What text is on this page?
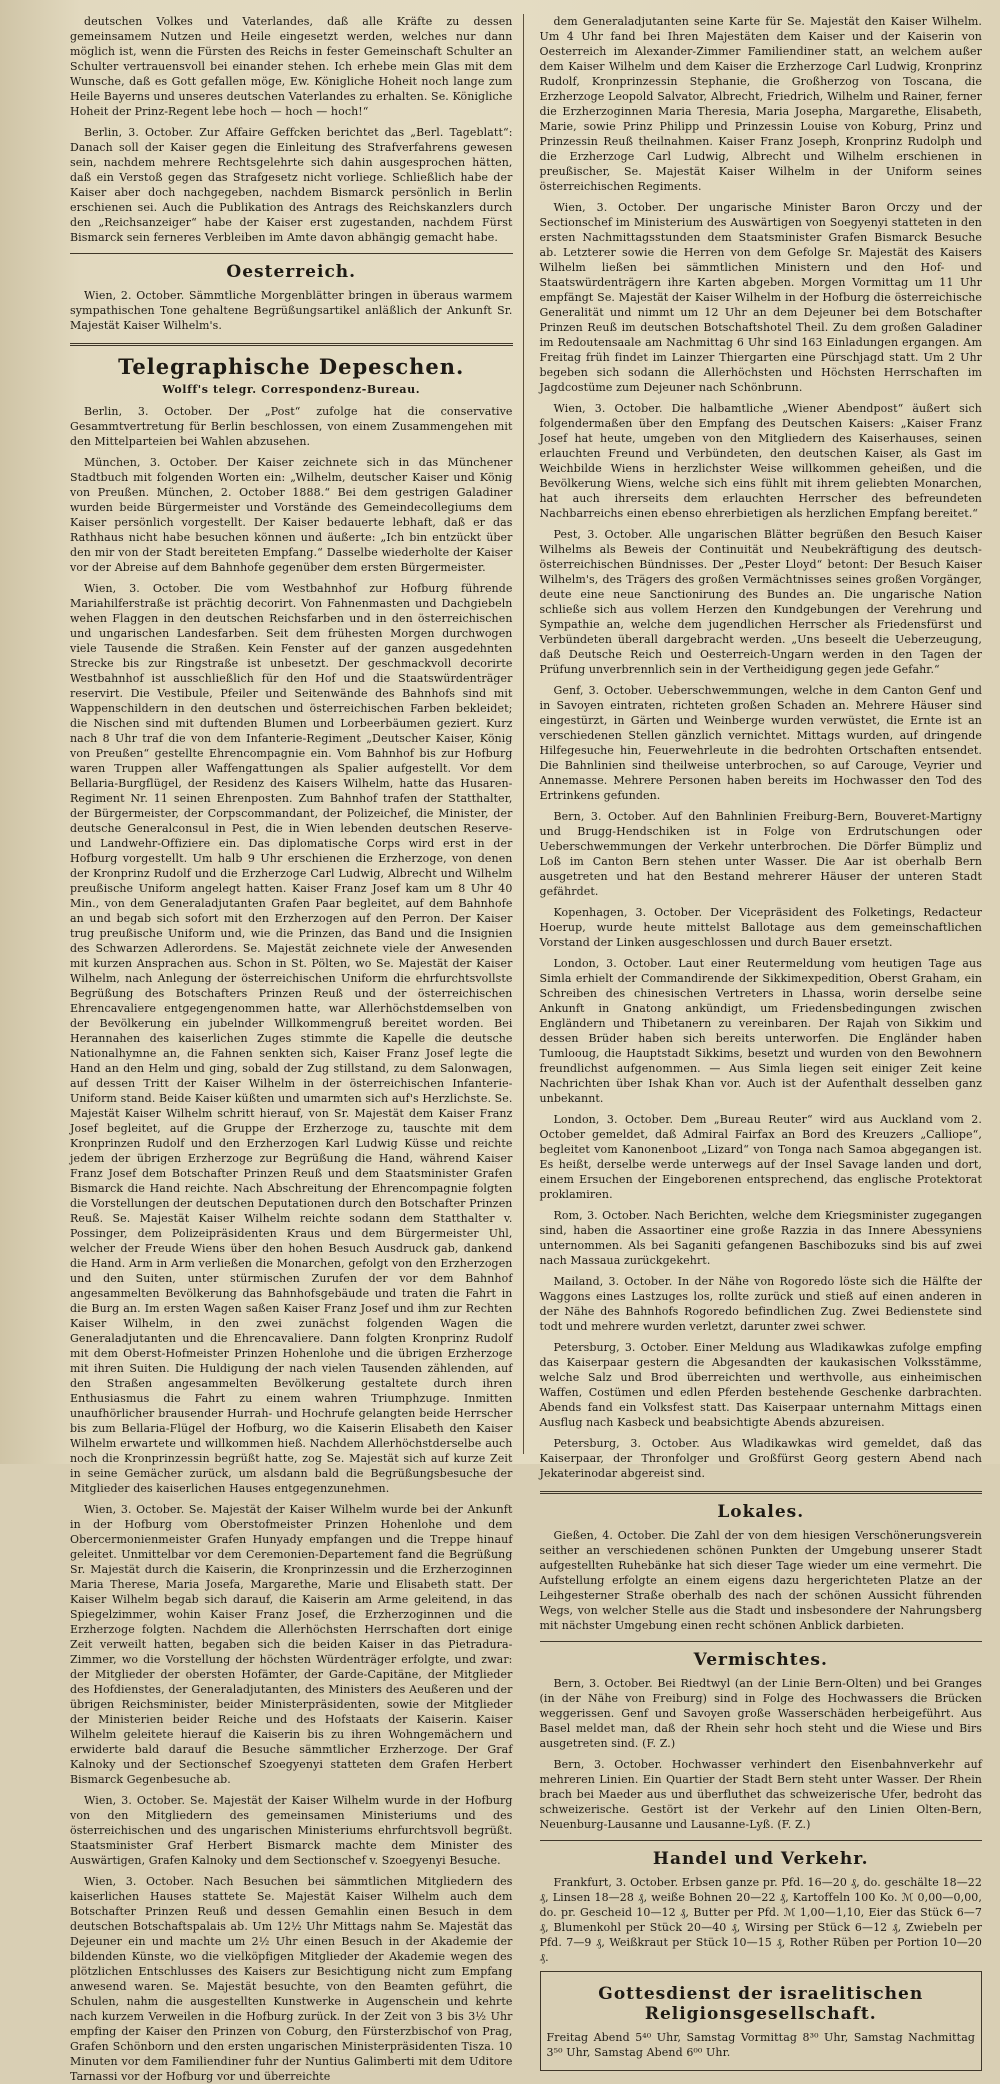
deutschen Volkes und Vaterlandes, daß alle Kräfte zu dessen gemeinsamem Nutzen und Heile eingesetzt werden, welches nur dann möglich ist, wenn die Fürsten des Reichs in fester Gemeinschaft Schulter an Schulter vertrauensvoll bei einander stehen. Ich erhebe mein Glas mit dem Wunsche, daß es Gott gefallen möge, Ew. Königliche Hoheit noch lange zum Heile Bayerns und unseres deutschen Vaterlandes zu erhalten. Se. Königliche Hoheit der Prinz-Regent lebe hoch — hoch — hoch!“

Berlin, 3. October. Zur Affaire Geffcken berichtet das „Berl. Tageblatt“: Danach soll der Kaiser gegen die Einleitung des Strafverfahrens gewesen sein, nachdem mehrere Rechtsgelehrte sich dahin ausgesprochen hätten, daß ein Verstoß gegen das Strafgesetz nicht vorliege. Schließlich habe der Kaiser aber doch nachgegeben, nachdem Bismarck persönlich in Berlin erschienen sei. Auch die Publikation des Antrags des Reichskanzlers durch den „Reichsanzeiger“ habe der Kaiser erst zugestanden, nachdem Fürst Bismarck sein ferneres Verbleiben im Amte davon abhängig gemacht habe.

Oesterreich.

Wien, 2. October. Sämmtliche Morgenblätter bringen in überaus warmem sympathischen Tone gehaltene Begrüßungsartikel anläßlich der Ankunft Sr. Majestät Kaiser Wilhelm's.

Telegraphische Depeschen.
Wolff's telegr. Correspondenz-Bureau.

Berlin, 3. October. Der „Post“ zufolge hat die conservative Gesammtvertretung für Berlin beschlossen, von einem Zusammengehen mit den Mittelparteien bei Wahlen abzusehen.

München, 3. October. Der Kaiser zeichnete sich in das Münchener Stadtbuch mit folgenden Worten ein: „Wilhelm, deutscher Kaiser und König von Preußen. München, 2. October 1888.“ Bei dem gestrigen Galadiner wurden beide Bürgermeister und Vorstände des Gemeindecollegiums dem Kaiser persönlich vorgestellt. Der Kaiser bedauerte lebhaft, daß er das Rathhaus nicht habe besuchen können und äußerte: „Ich bin entzückt über den mir von der Stadt bereiteten Empfang.“ Dasselbe wiederholte der Kaiser vor der Abreise auf dem Bahnhofe gegenüber dem ersten Bürgermeister.

Wien, 3. October. Die vom Westbahnhof zur Hofburg führende Mariahilferstraße ist prächtig decorirt. Von Fahnenmasten und Dachgiebeln wehen Flaggen in den deutschen Reichsfarben und in den österreichischen und ungarischen Landesfarben. Seit dem frühesten Morgen durchwogen viele Tausende die Straßen. Kein Fenster auf der ganzen ausgedehnten Strecke bis zur Ringstraße ist unbesetzt. Der geschmackvoll decorirte Westbahnhof ist ausschließlich für den Hof und die Staatswürdenträger reservirt. Die Vestibule, Pfeiler und Seitenwände des Bahnhofs sind mit Wappenschildern in den deutschen und österreichischen Farben bekleidet; die Nischen sind mit duftenden Blumen und Lorbeerbäumen geziert. Kurz nach 8 Uhr traf die von dem Infanterie-Regiment „Deutscher Kaiser, König von Preußen“ gestellte Ehrencompagnie ein. Vom Bahnhof bis zur Hofburg waren Truppen aller Waffengattungen als Spalier aufgestellt. Vor dem Bellaria-Burgflügel, der Residenz des Kaisers Wilhelm, hatte das Husaren-Regiment Nr. 11 seinen Ehrenposten. Zum Bahnhof trafen der Statthalter, der Bürgermeister, der Corpscommandant, der Polizeichef, die Minister, der deutsche Generalconsul in Pest, die in Wien lebenden deutschen Reserve- und Landwehr-Offiziere ein. Das diplomatische Corps wird erst in der Hofburg vorgestellt. Um halb 9 Uhr erschienen die Erzherzoge, von denen der Kronprinz Rudolf und die Erzherzoge Carl Ludwig, Albrecht und Wilhelm preußische Uniform angelegt hatten. Kaiser Franz Josef kam um 8 Uhr 40 Min., von dem Generaladjutanten Grafen Paar begleitet, auf dem Bahnhofe an und begab sich sofort mit den Erzherzogen auf den Perron. Der Kaiser trug preußische Uniform und, wie die Prinzen, das Band und die Insignien des Schwarzen Adlerordens. Se. Majestät zeichnete viele der Anwesenden mit kurzen Ansprachen aus. Schon in St. Pölten, wo Se. Majestät der Kaiser Wilhelm, nach Anlegung der österreichischen Uniform die ehrfurchtsvollste Begrüßung des Botschafters Prinzen Reuß und der österreichischen Ehrencavaliere entgegengenommen hatte, war Allerhöchstdemselben von der Bevölkerung ein jubelnder Willkommengruß bereitet worden. Bei Herannahen des kaiserlichen Zuges stimmte die Kapelle die deutsche Nationalhymne an, die Fahnen senkten sich, Kaiser Franz Josef legte die Hand an den Helm und ging, sobald der Zug stillstand, zu dem Salonwagen, auf dessen Tritt der Kaiser Wilhelm in der österreichischen Infanterie-Uniform stand. Beide Kaiser küßten und umarmten sich auf's Herzlichste. Se. Majestät Kaiser Wilhelm schritt hierauf, von Sr. Majestät dem Kaiser Franz Josef begleitet, auf die Gruppe der Erzherzoge zu, tauschte mit dem Kronprinzen Rudolf und den Erzherzogen Karl Ludwig Küsse und reichte jedem der übrigen Erzherzoge zur Begrüßung die Hand, während Kaiser Franz Josef dem Botschafter Prinzen Reuß und dem Staatsminister Grafen Bismarck die Hand reichte. Nach Abschreitung der Ehrencompagnie folgten die Vorstellungen der deutschen Deputationen durch den Botschafter Prinzen Reuß. Se. Majestät Kaiser Wilhelm reichte sodann dem Statthalter v. Possinger, dem Polizeipräsidenten Kraus und dem Bürgermeister Uhl, welcher der Freude Wiens über den hohen Besuch Ausdruck gab, dankend die Hand. Arm in Arm verließen die Monarchen, gefolgt von den Erzherzogen und den Suiten, unter stürmischen Zurufen der vor dem Bahnhof angesammelten Bevölkerung das Bahnhofsgebäude und traten die Fahrt in die Burg an. Im ersten Wagen saßen Kaiser Franz Josef und ihm zur Rechten Kaiser Wilhelm, in den zwei zunächst folgenden Wagen die Generaladjutanten und die Ehrencavaliere. Dann folgten Kronprinz Rudolf mit dem Oberst-Hofmeister Prinzen Hohenlohe und die übrigen Erzherzoge mit ihren Suiten. Die Huldigung der nach vielen Tausenden zählenden, auf den Straßen angesammelten Bevölkerung gestaltete durch ihren Enthusiasmus die Fahrt zu einem wahren Triumphzuge. Inmitten unaufhörlicher brausender Hurrah- und Hochrufe gelangten beide Herrscher bis zum Bellaria-Flügel der Hofburg, wo die Kaiserin Elisabeth den Kaiser Wilhelm erwartete und willkommen hieß. Nachdem Allerhöchstderselbe auch noch die Kronprinzessin begrüßt hatte, zog Se. Majestät sich auf kurze Zeit in seine Gemächer zurück, um alsdann bald die Begrüßungsbesuche der Mitglieder des kaiserlichen Hauses entgegenzunehmen.

Wien, 3. October. Se. Majestät der Kaiser Wilhelm wurde bei der Ankunft in der Hofburg vom Oberstofmeister Prinzen Hohenlohe und dem Obercermonienmeister Grafen Hunyady empfangen und die Treppe hinauf geleitet. Unmittelbar vor dem Ceremonien-Departement fand die Begrüßung Sr. Majestät durch die Kaiserin, die Kronprinzessin und die Erzherzoginnen Maria Therese, Maria Josefa, Margarethe, Marie und Elisabeth statt. Der Kaiser Wilhelm begab sich darauf, die Kaiserin am Arme geleitend, in das Spiegelzimmer, wohin Kaiser Franz Josef, die Erzherzoginnen und die Erzherzoge folgten. Nachdem die Allerhöchsten Herrschaften dort einige Zeit verweilt hatten, begaben sich die beiden Kaiser in das Pietradura-Zimmer, wo die Vorstellung der höchsten Würdenträger erfolgte, und zwar: der Mitglieder der obersten Hofämter, der Garde-Capitäne, der Mitglieder des Hofdienstes, der Generaladjutanten, des Ministers des Aeußeren und der übrigen Reichsminister, beider Ministerpräsidenten, sowie der Mitglieder der Ministerien beider Reiche und des Hofstaats der Kaiserin. Kaiser Wilhelm geleitete hierauf die Kaiserin bis zu ihren Wohngemächern und erwiderte bald darauf die Besuche sämmtlicher Erzherzoge. Der Graf Kalnoky und der Sectionschef Szoegyenyi statteten dem Grafen Herbert Bismarck Gegenbesuche ab.

Wien, 3. October. Se. Majestät der Kaiser Wilhelm wurde in der Hofburg von den Mitgliedern des gemeinsamen Ministeriums und des österreichischen und des ungarischen Ministeriums ehrfurchtsvoll begrüßt. Staatsminister Graf Herbert Bismarck machte dem Minister des Auswärtigen, Grafen Kalnoky und dem Sectionschef v. Szoegyenyi Besuche.

Wien, 3. October. Nach Besuchen bei sämmtlichen Mitgliedern des kaiserlichen Hauses stattete Se. Majestät Kaiser Wilhelm auch dem Botschafter Prinzen Reuß und dessen Gemahlin einen Besuch in dem deutschen Botschaftspalais ab. Um 12½ Uhr Mittags nahm Se. Majestät das Dejeuner ein und machte um 2½ Uhr einen Besuch in der Akademie der bildenden Künste, wo die vielköpfigen Mitglieder der Akademie wegen des plötzlichen Entschlusses des Kaisers zur Besichtigung nicht zum Empfang anwesend waren. Se. Majestät besuchte, von den Beamten geführt, die Schulen, nahm die ausgestellten Kunstwerke in Augenschein und kehrte nach kurzem Verweilen in die Hofburg zurück. In der Zeit von 3 bis 3½ Uhr empfing der Kaiser den Prinzen von Coburg, den Fürsterzbischof von Prag, Grafen Schönborn und den ersten ungarischen Ministerpräsidenten Tisza. 10 Minuten vor dem Familiendiner fuhr der Nuntius Galimberti mit dem Uditore Tarnassi vor der Hofburg vor und überreichte

dem Generaladjutanten seine Karte für Se. Majestät den Kaiser Wilhelm. Um 4 Uhr fand bei Ihren Majestäten dem Kaiser und der Kaiserin von Oesterreich im Alexander-Zimmer Familiendiner statt, an welchem außer dem Kaiser Wilhelm und dem Kaiser die Erzherzoge Carl Ludwig, Kronprinz Rudolf, Kronprinzessin Stephanie, die Großherzog von Toscana, die Erzherzoge Leopold Salvator, Albrecht, Friedrich, Wilhelm und Rainer, ferner die Erzherzoginnen Maria Theresia, Maria Josepha, Margarethe, Elisabeth, Marie, sowie Prinz Philipp und Prinzessin Louise von Koburg, Prinz und Prinzessin Reuß theilnahmen. Kaiser Franz Joseph, Kronprinz Rudolph und die Erzherzoge Carl Ludwig, Albrecht und Wilhelm erschienen in preußischer, Se. Majestät Kaiser Wilhelm in der Uniform seines österreichischen Regiments.

Wien, 3. October. Der ungarische Minister Baron Orczy und der Sectionschef im Ministerium des Auswärtigen von Soegyenyi statteten in den ersten Nachmittagsstunden dem Staatsminister Grafen Bismarck Besuche ab. Letzterer sowie die Herren von dem Gefolge Sr. Majestät des Kaisers Wilhelm ließen bei sämmtlichen Ministern und den Hof- und Staatswürdenträgern ihre Karten abgeben. Morgen Vormittag um 11 Uhr empfängt Se. Majestät der Kaiser Wilhelm in der Hofburg die österreichische Generalität und nimmt um 12 Uhr an dem Dejeuner bei dem Botschafter Prinzen Reuß im deutschen Botschaftshotel Theil. Zu dem großen Galadiner im Redoutensaale am Nachmittag 6 Uhr sind 163 Einladungen ergangen. Am Freitag früh findet im Lainzer Thiergarten eine Pürschjagd statt. Um 2 Uhr begeben sich sodann die Allerhöchsten und Höchsten Herrschaften im Jagdcostüme zum Dejeuner nach Schönbrunn.

Wien, 3. October. Die halbamtliche „Wiener Abendpost“ äußert sich folgendermaßen über den Empfang des Deutschen Kaisers: „Kaiser Franz Josef hat heute, umgeben von den Mitgliedern des Kaiserhauses, seinen erlauchten Freund und Verbündeten, den deutschen Kaiser, als Gast im Weichbilde Wiens in herzlichster Weise willkommen geheißen, und die Bevölkerung Wiens, welche sich eins fühlt mit ihrem geliebten Monarchen, hat auch ihrerseits dem erlauchten Herrscher des befreundeten Nachbarreichs einen ebenso ehrerbietigen als herzlichen Empfang bereitet.“

Pest, 3. October. Alle ungarischen Blätter begrüßen den Besuch Kaiser Wilhelms als Beweis der Continuität und Neubekräftigung des deutsch-österreichischen Bündnisses. Der „Pester Lloyd“ betont: Der Besuch Kaiser Wilhelm's, des Trägers des großen Vermächtnisses seines großen Vorgänger, deute eine neue Sanctionirung des Bundes an. Die ungarische Nation schließe sich aus vollem Herzen den Kundgebungen der Verehrung und Sympathie an, welche dem jugendlichen Herrscher als Friedensfürst und Verbündeten überall dargebracht werden. „Uns beseelt die Ueberzeugung, daß Deutsche Reich und Oesterreich-Ungarn werden in den Tagen der Prüfung unverbrennlich sein in der Vertheidigung gegen jede Gefahr.“

Genf, 3. October. Ueberschwemmungen, welche in dem Canton Genf und in Savoyen eintraten, richteten großen Schaden an. Mehrere Häuser sind eingestürzt, in Gärten und Weinberge wurden verwüstet, die Ernte ist an verschiedenen Stellen gänzlich vernichtet. Mittags wurden, auf dringende Hilfegesuche hin, Feuerwehrleute in die bedrohten Ortschaften entsendet. Die Bahnlinien sind theilweise unterbrochen, so auf Carouge, Veyrier und Annemasse. Mehrere Personen haben bereits im Hochwasser den Tod des Ertrinkens gefunden.

Bern, 3. October. Auf den Bahnlinien Freiburg-Bern, Bouveret-Martigny und Brugg-Hendschiken ist in Folge von Erdrutschungen oder Ueberschwemmungen der Verkehr unterbrochen. Die Dörfer Bümpliz und Loß im Canton Bern stehen unter Wasser. Die Aar ist oberhalb Bern ausgetreten und hat den Bestand mehrerer Häuser der unteren Stadt gefährdet.

Kopenhagen, 3. October. Der Vicepräsident des Folketings, Redacteur Hoerup, wurde heute mittelst Ballotage aus dem gemeinschaftlichen Vorstand der Linken ausgeschlossen und durch Bauer ersetzt.

London, 3. October. Laut einer Reutermeldung vom heutigen Tage aus Simla erhielt der Commandirende der Sikkimexpedition, Oberst Graham, ein Schreiben des chinesischen Vertreters in Lhassa, worin derselbe seine Ankunft in Gnatong ankündigt, um Friedensbedingungen zwischen Engländern und Thibetanern zu vereinbaren. Der Rajah von Sikkim und dessen Brüder haben sich bereits unterworfen. Die Engländer haben Tumlooug, die Hauptstadt Sikkims, besetzt und wurden von den Bewohnern freundlichst aufgenommen. — Aus Simla liegen seit einiger Zeit keine Nachrichten über Ishak Khan vor. Auch ist der Aufenthalt desselben ganz unbekannt.

London, 3. October. Dem „Bureau Reuter“ wird aus Auckland vom 2. October gemeldet, daß Admiral Fairfax an Bord des Kreuzers „Calliope“, begleitet vom Kanonenboot „Lizard“ von Tonga nach Samoa abgegangen ist. Es heißt, derselbe werde unterwegs auf der Insel Savage landen und dort, einem Ersuchen der Eingeborenen entsprechend, das englische Protektorat proklamiren.

Rom, 3. October. Nach Berichten, welche dem Kriegsminister zugegangen sind, haben die Assaortiner eine große Razzia in das Innere Abessyniens unternommen. Als bei Saganiti gefangenen Baschibozuks sind bis auf zwei nach Massaua zurückgekehrt.

Mailand, 3. October. In der Nähe von Rogoredo löste sich die Hälfte der Waggons eines Lastzuges los, rollte zurück und stieß auf einen anderen in der Nähe des Bahnhofs Rogoredo befindlichen Zug. Zwei Bedienstete sind todt und mehrere wurden verletzt, darunter zwei schwer.

Petersburg, 3. October. Einer Meldung aus Wladikawkas zufolge empfing das Kaiserpaar gestern die Abgesandten der kaukasischen Volksstämme, welche Salz und Brod überreichten und werthvolle, aus einheimischen Waffen, Costümen und edlen Pferden bestehende Geschenke darbrachten. Abends fand ein Volksfest statt. Das Kaiserpaar unternahm Mittags einen Ausflug nach Kasbeck und beabsichtigte Abends abzureisen.

Petersburg, 3. October. Aus Wladikawkas wird gemeldet, daß das Kaiserpaar, der Thronfolger und Großfürst Georg gestern Abend nach Jekaterinodar abgereist sind.

Lokales.

Gießen, 4. October. Die Zahl der von dem hiesigen Verschönerungsverein seither an verschiedenen schönen Punkten der Umgebung unserer Stadt aufgestellten Ruhebänke hat sich dieser Tage wieder um eine vermehrt. Die Aufstellung erfolgte an einem eigens dazu hergerichteten Platze an der Leihgesterner Straße oberhalb des nach der schönen Aussicht führenden Wegs, von welcher Stelle aus die Stadt und insbesondere der Nahrungsberg mit nächster Umgebung einen recht schönen Anblick darbieten.

Vermischtes.

Bern, 3. October. Bei Riedtwyl (an der Linie Bern-Olten) und bei Granges (in der Nähe von Freiburg) sind in Folge des Hochwassers die Brücken weggerissen. Genf und Savoyen große Wasserschäden herbeigeführt. Aus Basel meldet man, daß der Rhein sehr hoch steht und die Wiese und Birs ausgetreten sind. (F. Z.)

Bern, 3. October. Hochwasser verhindert den Eisenbahnverkehr auf mehreren Linien. Ein Quartier der Stadt Bern steht unter Wasser. Der Rhein brach bei Maeder aus und überfluthet das schweizerische Ufer, bedroht das schweizerische. Gestört ist der Verkehr auf den Linien Olten-Bern, Neuenburg-Lausanne und Lausanne-Lyß. (F. Z.)

Handel und Verkehr.

Frankfurt, 3. October. Erbsen ganze pr. Pfd. 16—20 ₰, do. geschälte 18—22 ₰, Linsen 18—28 ₰, weiße Bohnen 20—22 ₰, Kartoffeln 100 Ko. ℳ 0,00—0,00, do. pr. Gescheid 10—12 ₰, Butter per Pfd. ℳ 1,00—1,10, Eier das Stück 6—7 ₰, Blumenkohl per Stück 20—40 ₰, Wirsing per Stück 6—12 ₰, Zwiebeln per Pfd. 7—9 ₰, Weißkraut per Stück 10—15 ₰, Rother Rüben per Portion 10—20 ₰.

Gottesdienst der israelitischen Religionsgesellschaft.

Freitag Abend 5⁴⁰ Uhr, Samstag Vormittag 8³⁰ Uhr, Samstag Nachmittag 3⁵⁰ Uhr, Samstag Abend 6⁰⁰ Uhr.
